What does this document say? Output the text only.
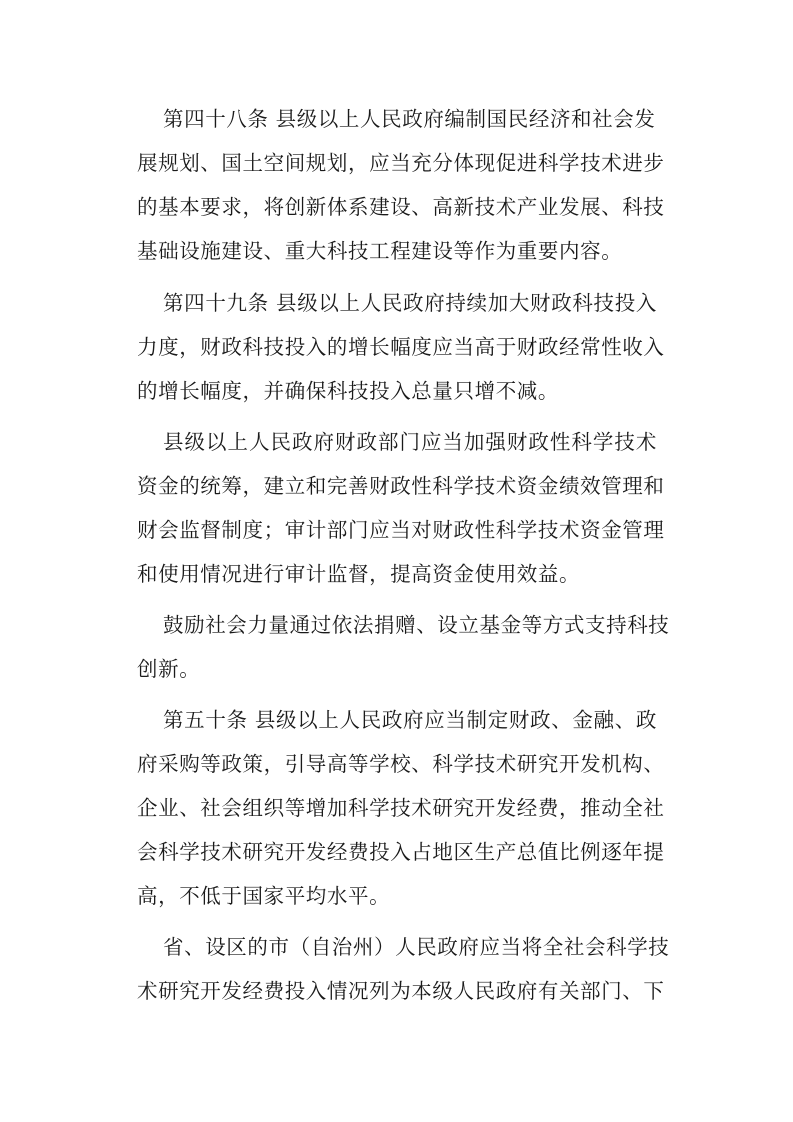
第四十八条 县级以上人民政府编制国民经济和社会发
展规划、国土空间规划，应当充分体现促进科学技术进步
的基本要求，将创新体系建设、高新技术产业发展、科技
基础设施建设、重大科技工程建设等作为重要内容。
第四十九条 县级以上人民政府持续加大财政科技投入
力度，财政科技投入的增长幅度应当高于财政经常性收入
的增长幅度，并确保科技投入总量只增不减。
县级以上人民政府财政部门应当加强财政性科学技术
资金的统筹，建立和完善财政性科学技术资金绩效管理和
财会监督制度；审计部门应当对财政性科学技术资金管理
和使用情况进行审计监督，提高资金使用效益。
鼓励社会力量通过依法捐赠、设立基金等方式支持科技
创新。
第五十条 县级以上人民政府应当制定财政、金融、政
府采购等政策，引导高等学校、科学技术研究开发机构、
企业、社会组织等增加科学技术研究开发经费，推动全社
会科学技术研究开发经费投入占地区生产总值比例逐年提
高，不低于国家平均水平。
省、设区的市（自治州）人民政府应当将全社会科学技
术研究开发经费投入情况列为本级人民政府有关部门、下
